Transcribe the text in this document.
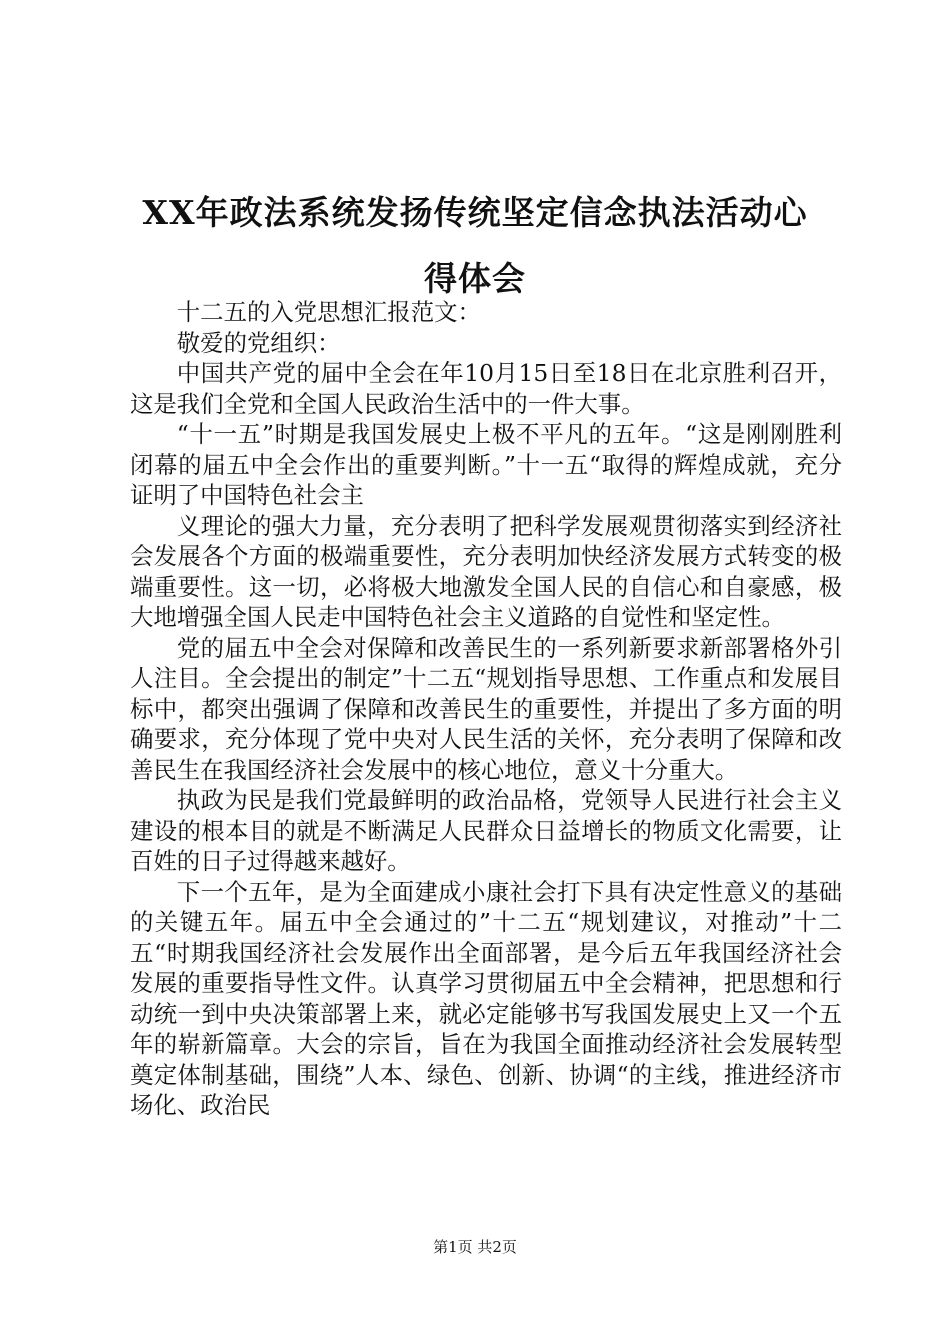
XX年政法系统发扬传统坚定信念执法活动心
得体会

十二五的入党思想汇报范文：

敬爱的党组织：

中国共产党的届中全会在年10月15日至18日在北京胜利召开，这是我们全党和全国人民政治生活中的一件大事。

“十一五”时期是我国发展史上极不平凡的五年。“这是刚刚胜利闭幕的届五中全会作出的重要判断。”十一五“取得的辉煌成就，充分证明了中国特色社会主

义理论的强大力量，充分表明了把科学发展观贯彻落实到经济社会发展各个方面的极端重要性，充分表明加快经济发展方式转变的极端重要性。这一切，必将极大地激发全国人民的自信心和自豪感，极大地增强全国人民走中国特色社会主义道路的自觉性和坚定性。

党的届五中全会对保障和改善民生的一系列新要求新部署格外引人注目。全会提出的制定”十二五“规划指导思想、工作重点和发展目标中，都突出强调了保障和改善民生的重要性，并提出了多方面的明确要求，充分体现了党中央对人民生活的关怀，充分表明了保障和改善民生在我国经济社会发展中的核心地位，意义十分重大。

执政为民是我们党最鲜明的政治品格，党领导人民进行社会主义建设的根本目的就是不断满足人民群众日益增长的物质文化需要，让百姓的日子过得越来越好。

下一个五年，是为全面建成小康社会打下具有决定性意义的基础的关键五年。届五中全会通过的”十二五“规划建议，对推动”十二五“时期我国经济社会发展作出全面部署，是今后五年我国经济社会发展的重要指导性文件。认真学习贯彻届五中全会精神，把思想和行动统一到中央决策部署上来，就必定能够书写我国发展史上又一个五年的崭新篇章。大会的宗旨，旨在为我国全面推动经济社会发展转型奠定体制基础，围绕”人本、绿色、创新、协调“的主线，推进经济市场化、政治民

第1页 共2页
